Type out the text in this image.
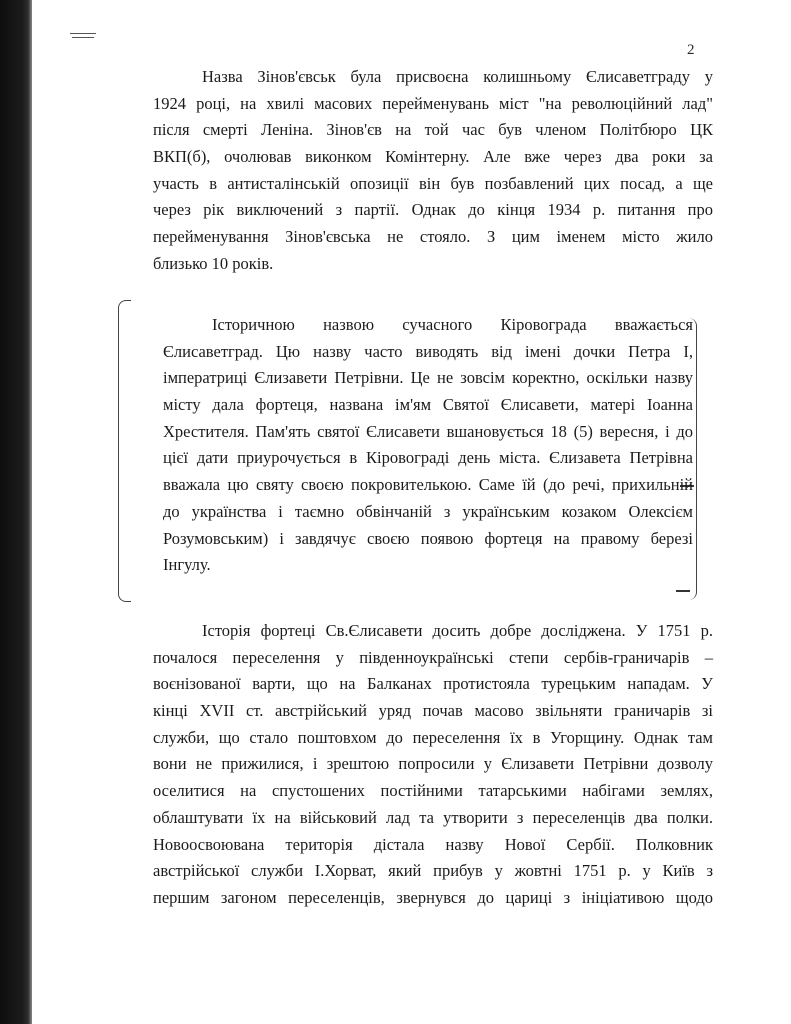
2
Назва Зінов'євськ була присвоєна колишньому Єлисаветграду у
1924 році, на хвилі масових перейменувань міст "на революційний лад"
після смерті Леніна. Зінов'єв на той час був членом Політбюро ЦК
ВКП(б), очолював виконком Комінтерну. Але вже через два роки за
участь в антисталінській опозиції він був позбавлений цих посад, а ще
через рік виключений з партії. Однак до кінця 1934 р. питання про
перейменування Зінов'євська не стояло. З цим іменем місто жило
близько 10 років.
Історичною назвою сучасного Кіровограда вважається
Єлисаветград. Цю назву часто виводять від імені дочки Петра I,
імператриці Єлизавети Петрівни. Це не зовсім коректно, оскільки назву
місту дала фортеця, названа ім'ям Святої Єлисавети, матері Іоанна
Хрестителя. Пам'ять святої Єлисавети вшановується 18 (5) вересня, і до
цієї дати приурочується в Кіровограді день міста. Єлизавета Петрівна
вважала цю святу своєю покровителькою. Саме їй (до речі, прихильній
до українства і таємно обвінчаній з українським козаком Олексієм
Розумовським) і завдячує своєю появою фортеця на правому березі
Інгулу.
Історія фортеці Св.Єлисавети досить добре досліджена. У 1751 р.
почалося переселення у південноукраїнські степи сербів-граничарів –
воєнізованої варти, що на Балканах протистояла турецьким нападам. У
кінці XVII ст. австрійський уряд почав масово звільняти граничарів зі
служби, що стало поштовхом до переселення їх в Угорщину. Однак там
вони не прижилися, і зрештою попросили у Єлизавети Петрівни дозволу
оселитися на спустошених постійними татарськими набігами землях,
облаштувати їх на військовий лад та утворити з переселенців два полки.
Новоосвоювана територія дістала назву Нової Сербії. Полковник
австрійської служби І.Хорват, який прибув у жовтні 1751 р. у Київ з
першим загоном переселенців, звернувся до цариці з ініціативою щодо
